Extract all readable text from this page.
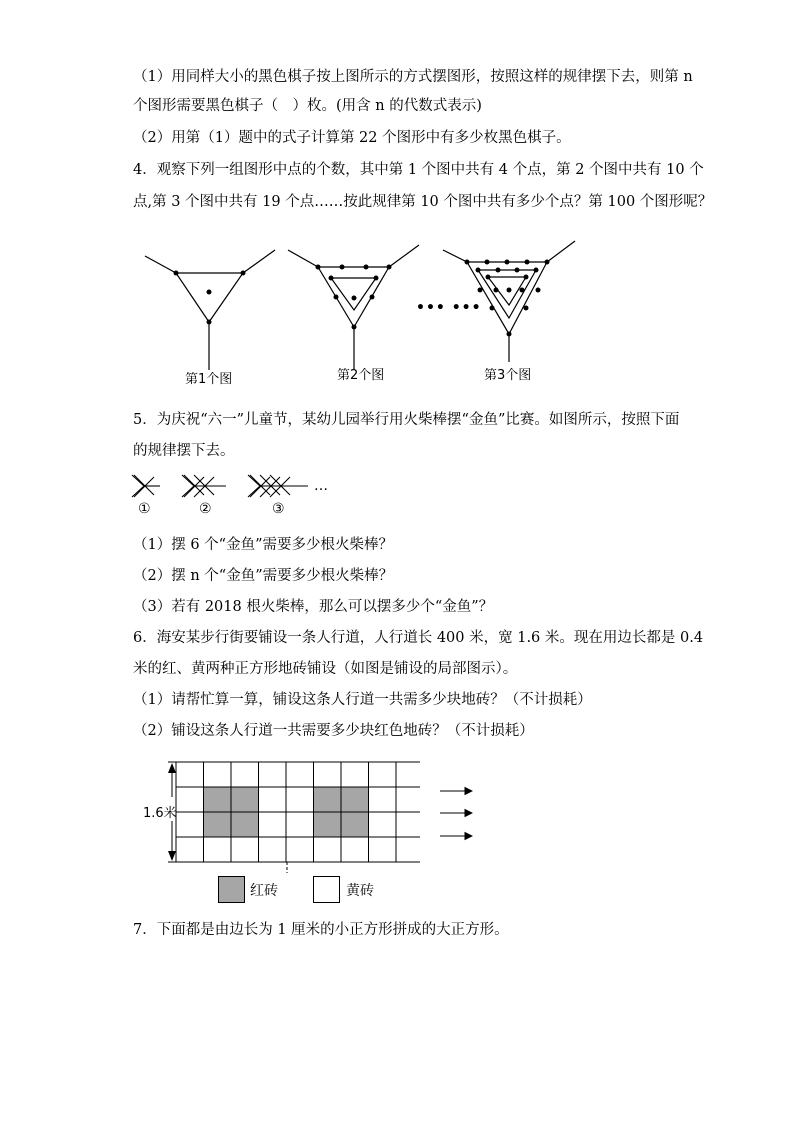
（1）用同样大小的黑色棋子按上图所示的方式摆图形，按照这样的规律摆下去，则第 n
个图形需要黑色棋子（　）枚。(用含 n 的代数式表示)
（2）用第（1）题中的式子计算第 22 个图形中有多少枚黑色棋子。
4．观察下列一组图形中点的个数，其中第 1 个图中共有 4 个点，第 2 个图中共有 10 个
点,第 3 个图中共有 19 个点……按此规律第 10 个图中共有多少个点？第 100 个图形呢？
••• •••
第1个图	第2个图	第3个图
5．为庆祝“六一”儿童节，某幼儿园举行用火柴棒摆“金鱼”比赛。如图所示，按照下面
的规律摆下去。
…
①	②	③
（1）摆 6 个“金鱼”需要多少根火柴棒？
（2）摆 n 个“金鱼”需要多少根火柴棒？
（3）若有 2018 根火柴棒，那么可以摆多少个“金鱼”？
6．海安某步行街要铺设一条人行道，人行道长 400 米，宽 1.6 米。现在用边长都是 0.4
米的红、黄两种正方形地砖铺设（如图是铺设的局部图示）。
（1）请帮忙算一算，铺设这条人行道一共需多少块地砖？（不计损耗）
（2）铺设这条人行道一共需要多少块红色地砖？（不计损耗）
1.6米
红砖	黄砖
7．下面都是由边长为 1 厘米的小正方形拼成的大正方形。
